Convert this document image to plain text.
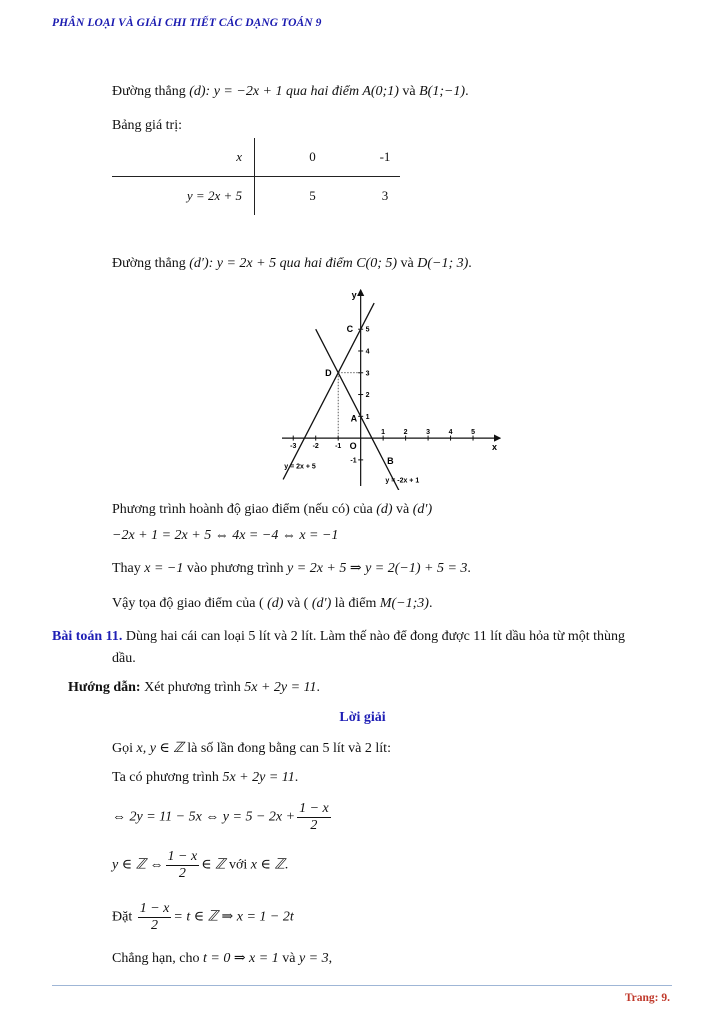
PHÂN LOẠI VÀ GIẢI CHI TIẾT CÁC DẠNG TOÁN 9
Đường thẳng (d): y = −2x + 1 qua hai điểm A(0;1) và B(1;−1).
Bảng giá trị:
x	0	-1
y = 2x + 5	5	3
Đường thẳng (d′): y = 2x + 5 qua hai điểm C(0; 5) và D(−1; 3).
x
y
O
-3 -2 -1
1	2	3	4	5
5
4
3
2
1
-1
C
D
A
B
y = 2x + 5
y = -2x + 1
Phương trình hoành độ giao điểm (nếu có) của (d) và (d′)
−2x + 1 = 2x + 5 ⇔ 4x = −4 ⇔ x = −1
Thay x = −1 vào phương trình y = 2x + 5 ⇒ y = 2(−1) + 5 = 3.
Vậy tọa độ giao điểm của ( (d) và ( (d′) là điểm M(−1;3).
Bài toán 11. Dùng hai cái can loại 5 lít và 2 lít. Làm thế nào để đong được 11 lít dầu hỏa từ một thùng
dầu.
Hướng dẫn: Xét phương trình 5x + 2y = 11.
Lời giải
Gọi x, y ∈ ℤ là số lần đong bằng can 5 lít và 2 lít:
Ta có phương trình 5x + 2y = 11.
⇔ 2y = 11 − 5x ⇔ $y = 5 - 2x + \frac{1 - x}{2}$
y ∈ ℤ ⇔ $\frac{1 - x}{2}$ ∈ ℤ với x ∈ ℤ.
Đặt $\frac{1 - x}{2} = t$ ∈ ℤ ⇒ x = 1 − 2t
Chẳng hạn, cho t = 0 ⇒ x = 1 và y = 3,
Trang: 9.
